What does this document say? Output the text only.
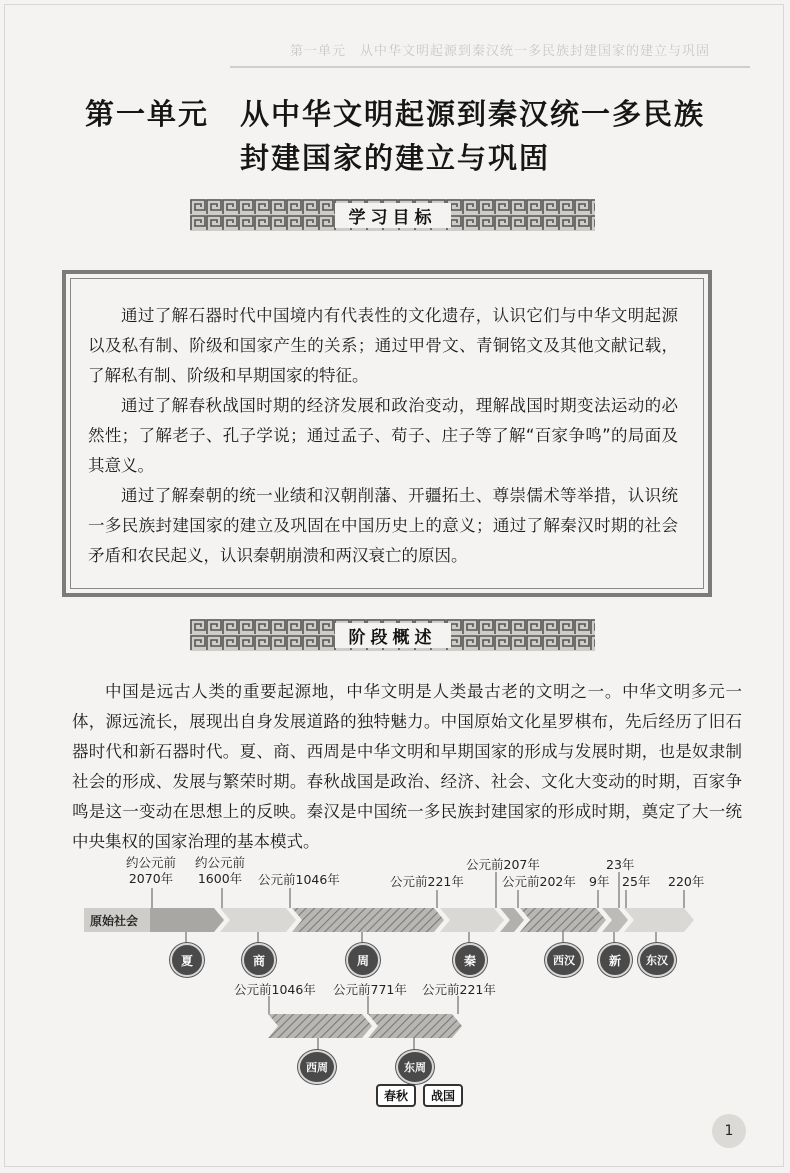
第一单元　从中华文明起源到秦汉统一多民族封建国家的建立与巩固
第一单元　从中华文明起源到秦汉统一多民族
封建国家的建立与巩固
学习目标
通过了解石器时代中国境内有代表性的文化遗存，认识它们与中华文明起源以及私有制、阶级和国家产生的关系；通过甲骨文、青铜铭文及其他文献记载，了解私有制、阶级和早期国家的特征。
通过了解春秋战国时期的经济发展和政治变动，理解战国时期变法运动的必然性；了解老子、孔子学说；通过孟子、荀子、庄子等了解“百家争鸣”的局面及其意义。
通过了解秦朝的统一业绩和汉朝削藩、开疆拓土、尊崇儒术等举措，认识统一多民族封建国家的建立及巩固在中国历史上的意义；通过了解秦汉时期的社会矛盾和农民起义，认识秦朝崩溃和两汉衰亡的原因。
阶段概述
中国是远古人类的重要起源地，中华文明是人类最古老的文明之一。中华文明多元一体，源远流长，展现出自身发展道路的独特魅力。中国原始文化星罗棋布，先后经历了旧石器时代和新石器时代。夏、商、西周是中华文明和早期国家的形成与发展时期，也是奴隶制社会的形成、发展与繁荣时期。春秋战国是政治、经济、社会、文化大变动的时期，百家争鸣是这一变动在思想上的反映。秦汉是中国统一多民族封建国家的形成时期，奠定了大一统中央集权的国家治理的基本模式。
约公元前
2070年
约公元前
1600年 公元前1046年	公元前221年
公元前207年
公元前202年 9年
23年
25年 220年
原始社会
夏	商	周	秦	西汉	新	东汉
公元前1046年 公元前771年 公元前221年
西周	东周
春秋	战国
1
